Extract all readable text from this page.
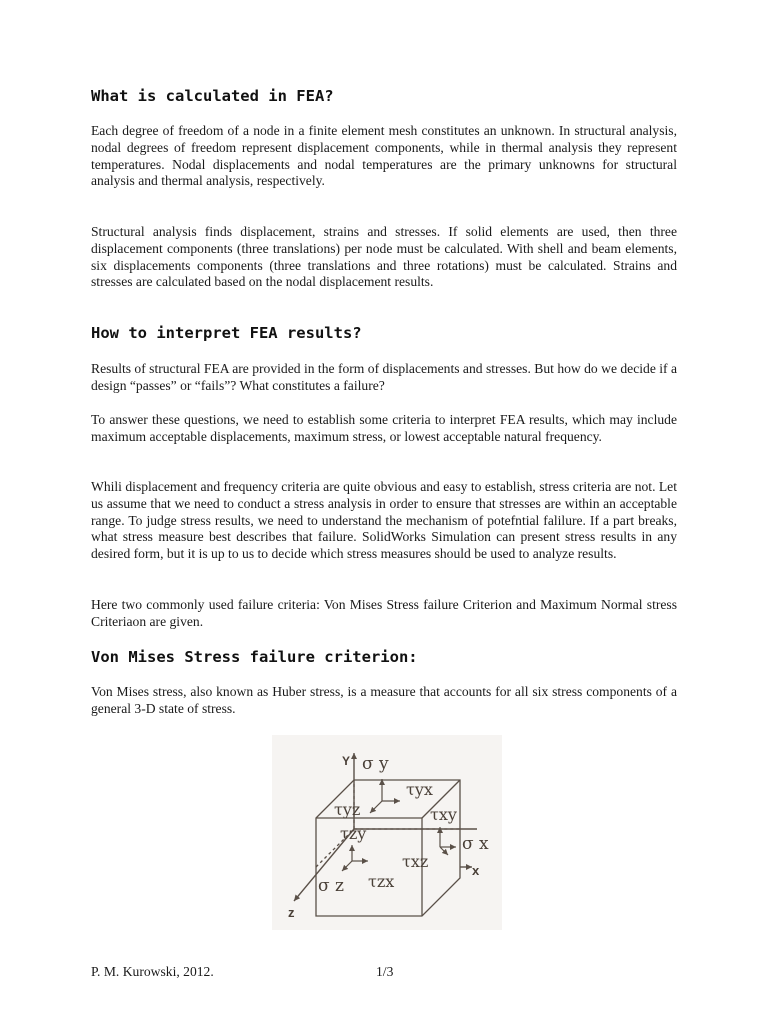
What is calculated in FEA?

Each degree of freedom of a node in a finite element mesh constitutes an unknown. In structural analysis, nodal degrees of freedom represent displacement components, while in thermal analysis they represent temperatures. Nodal displacements and nodal temperatures are the primary unknowns for structural analysis and thermal analysis, respectively.

Structural analysis finds displacement, strains and stresses. If solid elements are used, then three displacement components (three translations) per node must be calculated. With shell and beam elements, six displacements components (three translations and three rotations) must be calculated. Strains and stresses are calculated based on the nodal displacement results.

How to interpret FEA results?

Results of structural FEA are provided in the form of displacements and stresses. But how do we decide if a design “passes” or “fails”? What constitutes a failure?

To answer these questions, we need to establish some criteria to interpret FEA results, which may include maximum acceptable displacements, maximum stress, or lowest acceptable natural frequency.

Whili displacement and frequency criteria are quite obvious and easy to establish, stress criteria are not. Let us assume that we need to conduct a stress analysis in order to ensure that stresses are within an acceptable range. To judge stress results, we need to understand the mechanism of potefntial falilure. If a part breaks, what stress measure best describes that failure. SolidWorks Simulation can present stress results in any desired form, but it is up to us to decide which stress measures should be used to analyze results.

Here two commonly used failure criteria: Von Mises Stress failure Criterion and Maximum Normal stress Criteriaon are given.

Von Mises Stress failure criterion:

Von Mises stress, also known as Huber stress, is a measure that accounts for all six stress components of a general 3-D state of stress.

Y
x
z
σ y
σ x
σ z
τyx
τxy
τyz
τzy
τxz
τzx
P. M. Kurowski, 2012.	1/3
